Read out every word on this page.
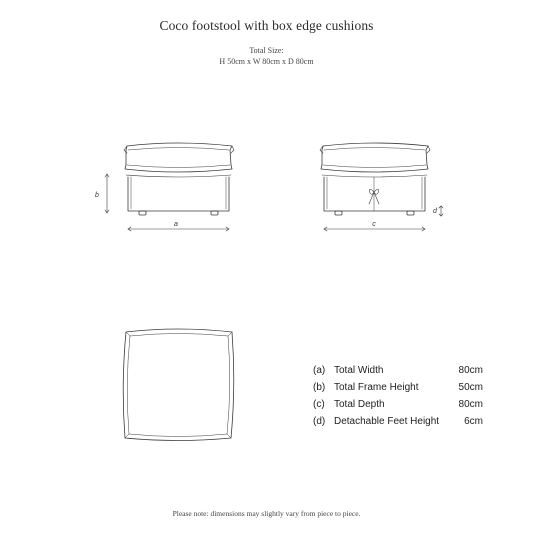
Coco footstool with box edge cushions
Total Size:
H 50cm x W 80cm x D 80cm
a
b
c
d
(a) Total Width	80cm
(b) Total Frame Height	50cm
(c) Total Depth	80cm
(d) Detachable Feet Height	6cm
Please note: dimensions may slightly vary from piece to piece.
